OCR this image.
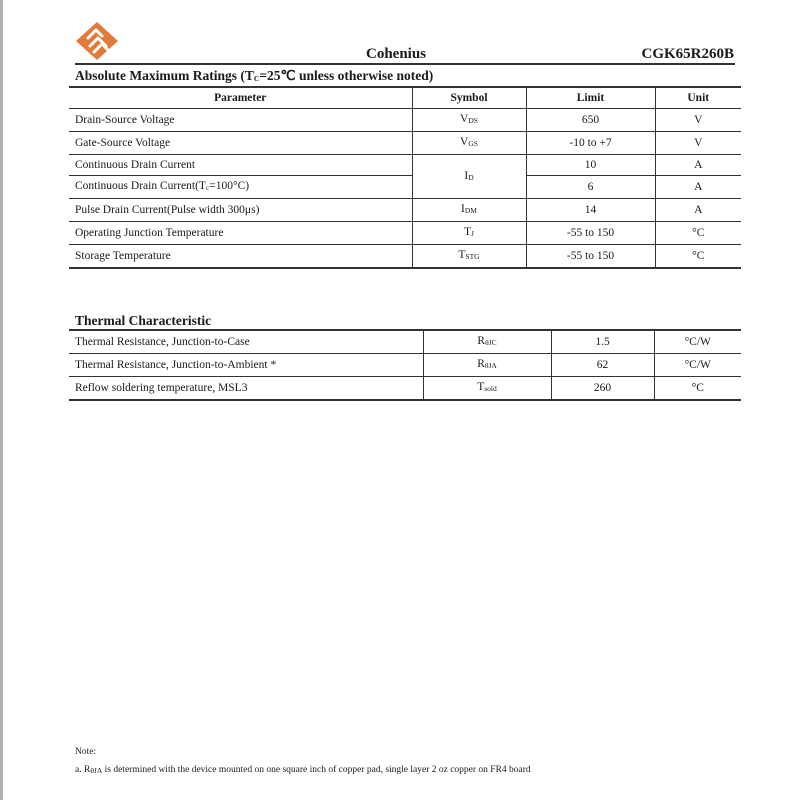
Cohenius	CGK65R260B
Absolute Maximum Ratings ($T_C=25℃$ unless otherwise noted)
Parameter	Symbol	Limit	Unit
Drain-Source Voltage	$V_{DS}$	650	V
Gate-Source Voltage	$V_{GS}$	-10 to +7	V
Continuous Drain Current	$I_D$	10	A
Continuous Drain $Current(T_c=100^\circ C)$		6	A
Pulse Drain Current(Pulse width 300μs)	$I_{DM}$	14	A
Operating Junction Temperature	$T_J$	-55 to 150	°C
Storage Temperature	$T_{STG}$	-55 to 150	°C
Thermal Characteristic
Thermal Resistance, Junction-to-Case	$R_{\theta JC}$	1.5	°C/W
Thermal Resistance, Junction-to-Ambient *	$R_{\theta JA}$	62	°C/W
Reflow soldering temperature, MSL3	$T_{sold}$	260	°C
Note:
a. $R_{\theta JA}$ is determined with the device mounted on one square inch of copper pad, single layer 2 oz copper on FR4 board
